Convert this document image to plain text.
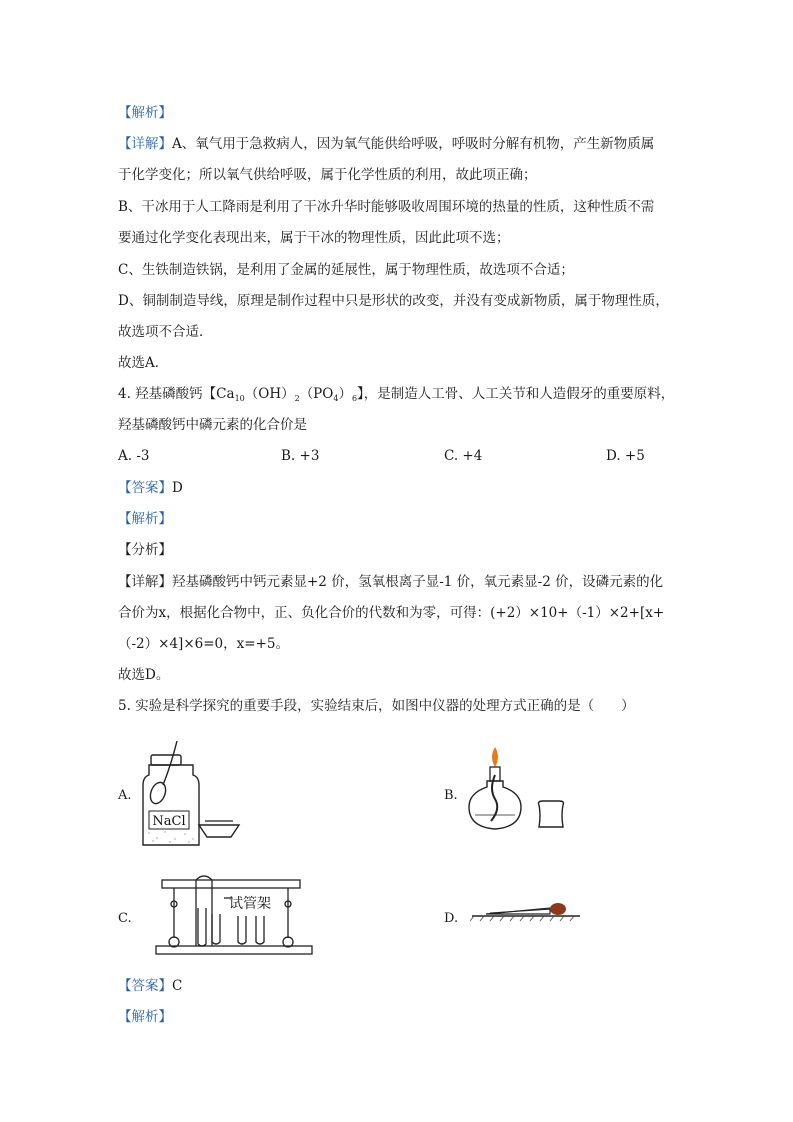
【解析】
【详解】A、氧气用于急救病人，因为氧气能供给呼吸，呼吸时分解有机物，产生新物质属
于化学变化；所以氧气供给呼吸，属于化学性质的利用，故此项正确；
B、干冰用于人工降雨是利用了干冰升华时能够吸收周围环境的热量的性质，这种性质不需
要通过化学变化表现出来，属于干冰的物理性质，因此此项不选；
C、生铁制造铁锅，是利用了金属的延展性，属于物理性质，故选项不合适；
D、铜制制造导线，原理是制作过程中只是形状的改变，并没有变成新物质，属于物理性质，
故选项不合适．
故选A．
4. 羟基磷酸钙【$Ca_{10}(OH)_2(PO_4)_6$】，是制造人工骨、人工关节和人造假牙的重要原料，
羟基磷酸钙中磷元素的化合价是
A. -3	B. +3	C. +4	D. +5
【答案】D
【解析】
【分析】
【详解】羟基磷酸钙中钙元素显+2 价，氢氧根离子显-1 价，氧元素显-2 价，设磷元素的化
合价为x，根据化合物中，正、负化合价的代数和为零，可得：(+2）×10+（-1）×2+[x+
（-2）×4]×6=0，x=+5。
故选D。
5. 实验是科学探究的重要手段，实验结束后，如图中仪器的处理方式正确的是（　　）
A.
NaCl
B.
C.
试管架
D.
【答案】C
【解析】
